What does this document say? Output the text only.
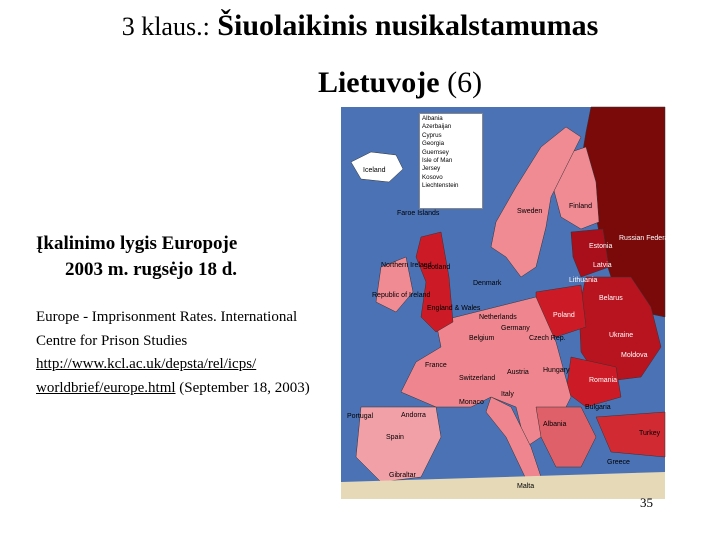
3 klaus.: Šiuolaikinis nusikalstamumas
Lietuvoje (6)
Įkalinimo lygis Europoje
2003 m. rugsėjo 18 d.
Europe - Imprisonment Rates. International Centre for Prison Studies
http://www.kcl.ac.uk/depsta/rel/icps/
worldbrief/europe.html (September 18, 2003)
Albania
Azerbaijan
Cyprus
Georgia
Guernsey
Isle of Man
Jersey
Kosovo
Liechtenstein
Iceland
Faroe Islands	Sweden
Finland
Russian Federation
Estonia
Latvia
Lithuania
Belarus
Northern Ireland
Scotland
Republic of Ireland
Denmark
England & Wales
Netherlands
Germany
Poland
Belgium	Czech Rep.	Ukraine
Moldova
France
Switzerland
Austria Hungary
Romania
Italy
Andorra
Monaco
Portugal
Spain
Bulgaria
Albania
Turkey
Greece
Gibraltar
Malta
35
